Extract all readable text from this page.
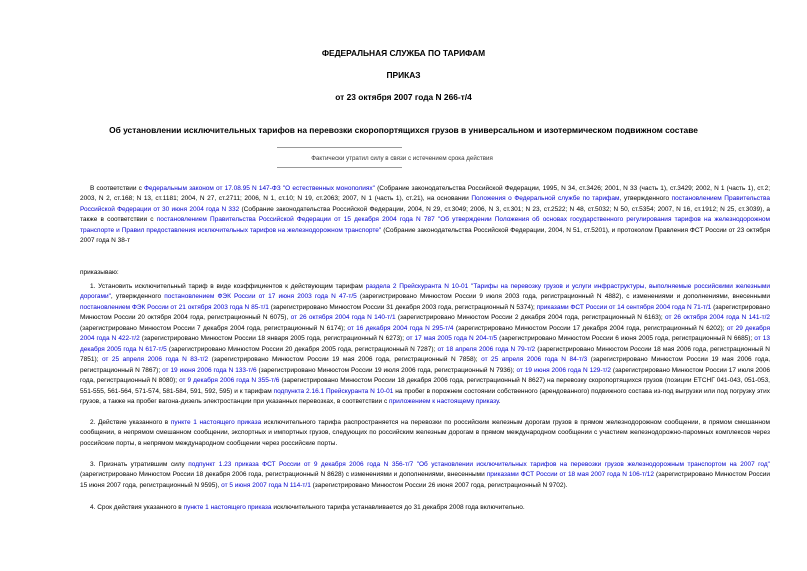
ФЕДЕРАЛЬНАЯ СЛУЖБА ПО ТАРИФАМ
ПРИКАЗ
от 23 октября 2007 года N 266-т/4
Об установлении исключительных тарифов на перевозки скоропортящихся грузов в универсальном и изотермическом подвижном составе
Фактически утратил силу в связи с истечением срока действия
В соответствии с Федеральным законом от 17.08.95 N 147-ФЗ "О естественных монополиях" (Собрание законодательства Российской Федерации, 1995, N 34, ст.3426; 2001, N 33 (часть 1), ст.3429; 2002, N 1 (часть 1), ст.2; 2003, N 2, ст.168; N 13, ст.1181; 2004, N 27, ст.2711; 2006, N 1, ст.10; N 19, ст.2063; 2007, N 1 (часть 1), ст.21), на основании Положения о Федеральной службе по тарифам, утвержденного постановлением Правительства Российской Федерации от 30 июня 2004 года N 332 (Собрание законодательства Российской Федерации, 2004, N 29, ст.3049; 2006, N 3, ст.301; N 23, ст.2522; N 48, ст.5032; N 50, ст.5354; 2007, N 16, ст.1912; N 25, ст.3039), а также в соответствии с постановлением Правительства Российской Федерации от 15 декабря 2004 года N 787 "Об утверждении Положения об основах государственного регулирования тарифов на железнодорожном транспорте и Правил предоставления исключительных тарифов на железнодорожном транспорте" (Собрание законодательства Российской Федерации, 2004, N 51, ст.5201), и протоколом Правления ФСТ России от 23 октября 2007 года N 38-т
приказываю:
1. Установить исключительный тариф в виде коэффициентов к действующим тарифам раздела 2 Прейскуранта N 10-01 "Тарифы на перевозку грузов и услуги инфраструктуры, выполняемые российскими железными дорогами", утвержденного постановлением ФЭК России от 17 июня 2003 года N 47-т/5 (зарегистрировано Минюстом России 9 июля 2003 года, регистрационный N 4882), с изменениями и дополнениями, внесенными постановлением ФЭК России от 21 октября 2003 года N 85-т/1 (зарегистрировано Минюстом России 31 декабря 2003 года, регистрационный N 5374); приказами ФСТ России от 14 сентября 2004 года N 71-т/1 (зарегистрировано Минюстом России 20 октября 2004 года, регистрационный N 6075), от 26 октября 2004 года N 140-т/1 (зарегистрировано Минюстом России 2 декабря 2004 года, регистрационный N 6163); от 26 октября 2004 года N 141-т/2 (зарегистрировано Минюстом России 7 декабря 2004 года, регистрационный N 6174); от 16 декабря 2004 года N 295-т/4 (зарегистрировано Минюстом России 17 декабря 2004 года, регистрационный N 6202); от 29 декабря 2004 года N 422-т/2 (зарегистрировано Минюстом России 18 января 2005 года, регистрационный N 6273); от 17 мая 2005 года N 204-т/5 (зарегистрировано Минюстом России 6 июня 2005 года, регистрационный N 6685); от 13 декабря 2005 года N 617-т/5 (зарегистрировано Минюстом России 20 декабря 2005 года, регистрационный N 7287); от 18 апреля 2006 года N 79-т/2 (зарегистрировано Минюстом России 18 мая 2006 года, регистрационный N 7851); от 25 апреля 2006 года N 83-т/2 (зарегистрировано Минюстом России 19 мая 2006 года, регистрационный N 7858); от 25 апреля 2006 года N 84-т/3 (зарегистрировано Минюстом России 19 мая 2006 года, регистрационный N 7867); от 19 июня 2006 года N 133-т/6 (зарегистрировано Минюстом России 19 июля 2006 года, регистрационный N 7936); от 19 июня 2006 года N 129-т/2 (зарегистрировано Минюстом России 17 июля 2006 года, регистрационный N 8080); от 9 декабря 2006 года N 355-т/6 (зарегистрировано Минюстом России 18 декабря 2006 года, регистрационный N 8627) на перевозку скоропортящихся грузов (позиции ЕТСНГ 041-043, 051-053, 551-555, 561-564, 571-574, 581-584, 591, 592, 595) и к тарифам подпункта 2.16.1 Прейскуранта N 10-01 на пробег в порожнем состоянии собственного (арендованного) подвижного состава из-под выгрузки или под погрузку этих грузов, а также на пробег вагона-дизель электростанции при указанных перевозках, в соответствии с приложением к настоящему приказу.
2. Действие указанного в пункте 1 настоящего приказа исключительного тарифа распространяется на перевозки по российским железным дорогам грузов в прямом железнодорожном сообщении, в прямом смешанном сообщении, в непрямом смешанном сообщении, экспортных и импортных грузов, следующих по российским железным дорогам в прямом международном сообщении с участием железнодорожно-паромных комплексов через российские порты, в непрямом международном сообщении через российские порты.
3. Признать утратившим силу подпункт 1.23 приказа ФСТ России от 9 декабря 2006 года N 356-т/7 "Об установлении исключительных тарифов на перевозки грузов железнодорожным транспортом на 2007 год" (зарегистрировано Минюстом России 18 декабря 2006 года, регистрационный N 8628) с изменениями и дополнениями, внесенными приказами ФСТ России от 18 мая 2007 года N 106-т/12 (зарегистрировано Минюстом России 15 июня 2007 года, регистрационный N 9595), от 5 июня 2007 года N 114-т/1 (зарегистрировано Минюстом России 26 июня 2007 года, регистрационный N 9702).
4. Срок действия указанного в пункте 1 настоящего приказа исключительного тарифа устанавливается до 31 декабря 2008 года включительно.
